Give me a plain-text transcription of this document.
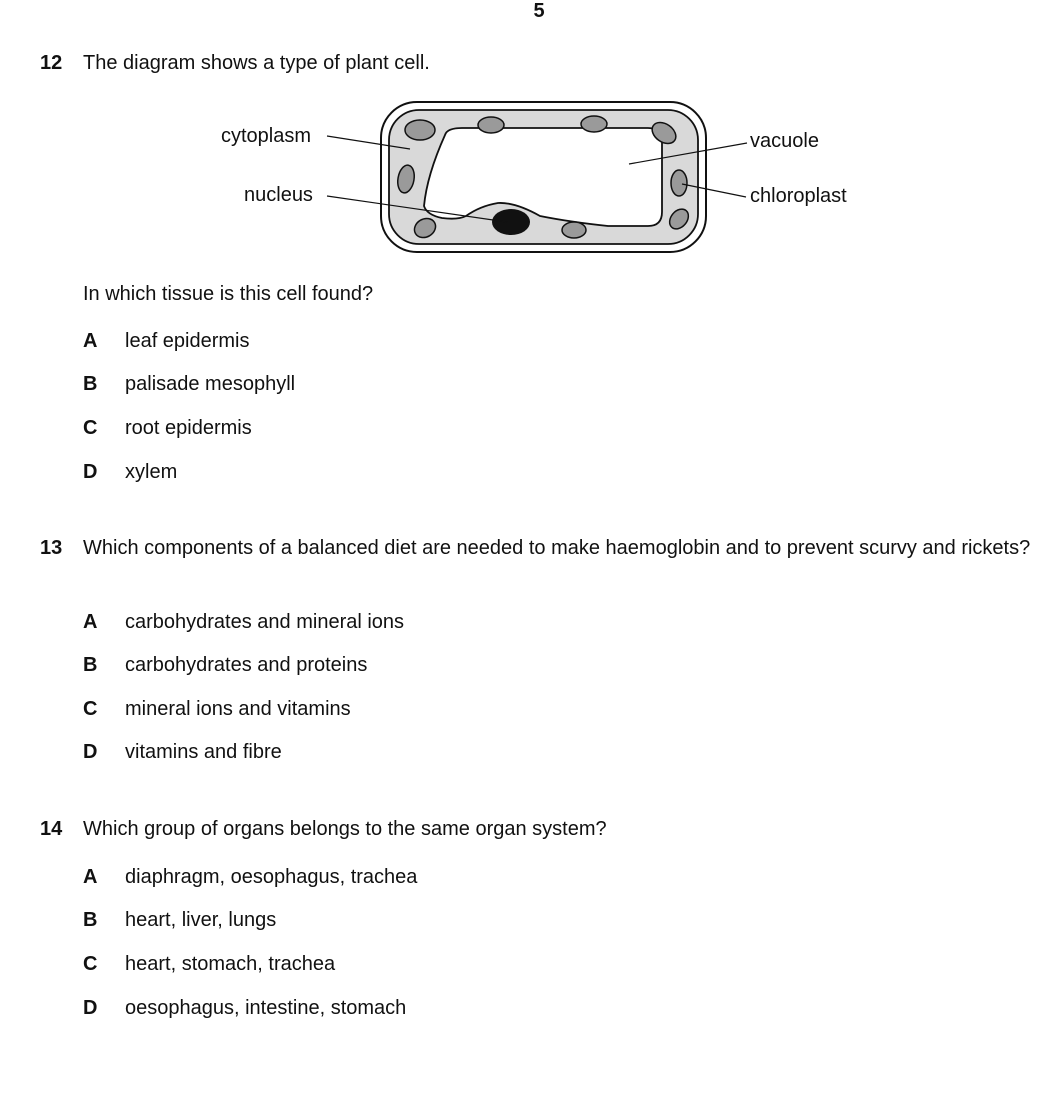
5
12 The diagram shows a type of plant cell.
cytoplasm
nucleus
vacuole
chloroplast
In which tissue is this cell found?
A leaf epidermis
B palisade mesophyll
C root epidermis
D xylem
13 Which components of a balanced diet are needed to make haemoglobin and to prevent scurvy and rickets?
A carbohydrates and mineral ions
B carbohydrates and proteins
C mineral ions and vitamins
D vitamins and fibre
14 Which group of organs belongs to the same organ system?
A diaphragm, oesophagus, trachea
B heart, liver, lungs
C heart, stomach, trachea
D oesophagus, intestine, stomach
